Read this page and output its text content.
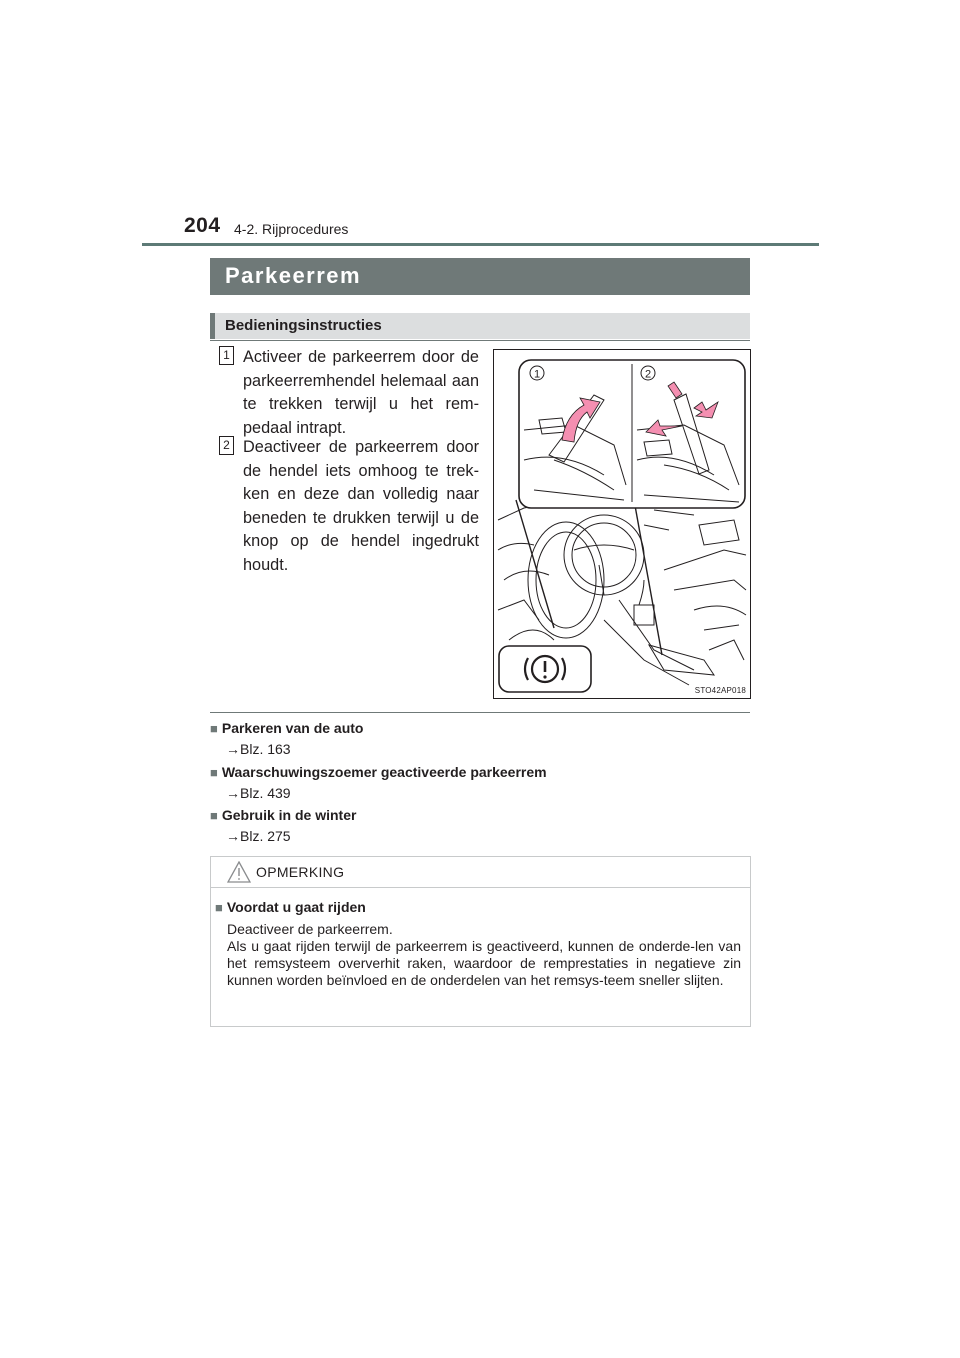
204 4-2. Rijprocedures
Parkeerrem
Bedieningsinstructies
1 Activeer de parkeerrem door de parkeerremhendel helemaal aan te trekken terwijl u het rem-pedaal intrapt.
2 Deactiveer de parkeerrem door de hendel iets omhoog te trek-ken en deze dan volledig naar beneden te drukken terwijl u de knop op de hendel ingedrukt houdt.
1	2
STO42AP018
■ Parkeren van de auto
→Blz. 163
■ Waarschuwingszoemer geactiveerde parkeerrem
→Blz. 439
■ Gebruik in de winter
→Blz. 275
OPMERKING
■ Voordat u gaat rijden
Deactiveer de parkeerrem.
Als u gaat rijden terwijl de parkeerrem is geactiveerd, kunnen de onderde-len van het remsysteem oververhit raken, waardoor de remprestaties in negatieve zin kunnen worden beïnvloed en de onderdelen van het remsys-teem sneller slijten.
